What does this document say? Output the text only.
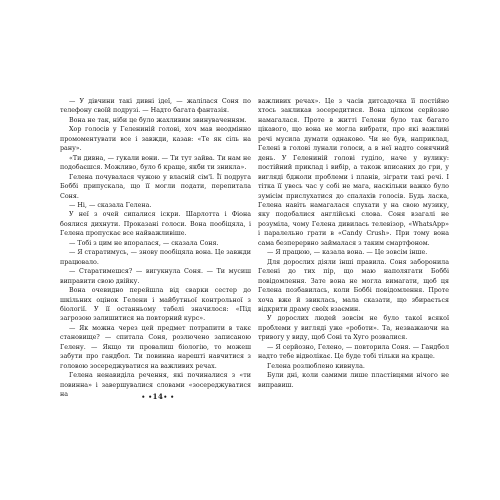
— У дівчини такі дивні ідеї, — жалілася Соня по телефону своїй подрузі. — Надто багата фантазія.

Вона не так, ніби це було жахливим звинуваченням.

Хор голосів у Гелениній голові, хоч мав неодмінно промоментувати все і завжди, казав: «Те як сіль на рану».

«Ти дивна, — гукали вони. — Ти тут зайва. Ти нам не подобаєшся. Можливо, було б краще, якби ти зникла».

Гелена почувалася чужою у власній сім'ї. Її подруга Боббі припускала, що її могли подати, перепитала Соня.

— Ні, — сказала Гелена.

У неї з очей сипалися іскри. Шарлотта і Фіона боялися дихнути. Проказані голоси. Вона пообіцяла, і Гелена пропускає все найважливіше.

— Тобі з цим не впоралася, — сказала Соня.

— Я старатимусь, — знову пообіцяла вона. Це завжди працювало.

— Старатимешся? — вигукнула Соня. — Ти мусиш виправити свою двійку.

Вона очевидно перейшла від сварки сестер до шкільних оцінок Гелени і майбутньої контрольної з біології. У її останньому табелі значилося: «Під загрозою залишитися на повторний курс».

— Як можна через цей предмет потрапити в такє становище? — спитала Соня, розлючено записаною Гелену. — Якщо ти провалиш біологію, то можеш забути про гандбол. Ти повинна нарешті навчитися з головою зосереджуватися на важливих речах.

Гелена ненавиділа речення, які починалися з «ти повинна» і завершувалися словами «зосереджуватися на

важливих речах». Це з часів дитсадочка її постійно хтось закликав зосередитися. Вона цілком серйозно намагалася. Проте в житті Гелени було так багато цікавого, що вона не могла вибрати, про які важливі речі мусила думати однаково. Чи не був, наприклад, Гелені в голові лунали голоси, а в неї надто сонячний день. У Гелениній голові гуділо, наче у вулику: постійний приклад і вибір, а також вписаних до гри, у вигляді бджоли проблеми і планів, зіграти такі речі. І тітка її увесь час у собі не мага, наскільки важко було зумісім прислухатися до спалахів голосів. Будь ласка, Гелена навіть намагалася слухати у на свою музику, яку подобалися англійські слова. Соня взагалі не розуміла, чому Гелена дивилась телевізор, «WhatsApp» і паралельно грати в «Candy Crush». При тому вона сама безперервно займалася з таким смартфоном.

— Я працюю, — казала вона. — Це зовсім інше.

Для дорослих діяли інші правила. Соня заборонила Гелені до тих пір, що маю наполягати Боббі повідомлення. Зате вона не могла вимагати, щоб ця Гелена позбавилась, коли Боббі повідомлення. Проте хоча вже й звиклась, мала сказати, що збирається відкрити драму своїх взаємин.

У дорослих людей зовсім не було такої всякої проблеми у вигляді уже «роботи». Та, незважаючи на тривогу у виду, щоб Соні та Хуго розвалися.

— Я серйозно, Гелено, — повторила Соня. — Гандбол надто тебе відволікає. Це буде тобі тільки на краще.

Гелена розлюблено кивнула.

Були дні, коли самими лише пластівцями нічого не виправиш.

• •14• •
